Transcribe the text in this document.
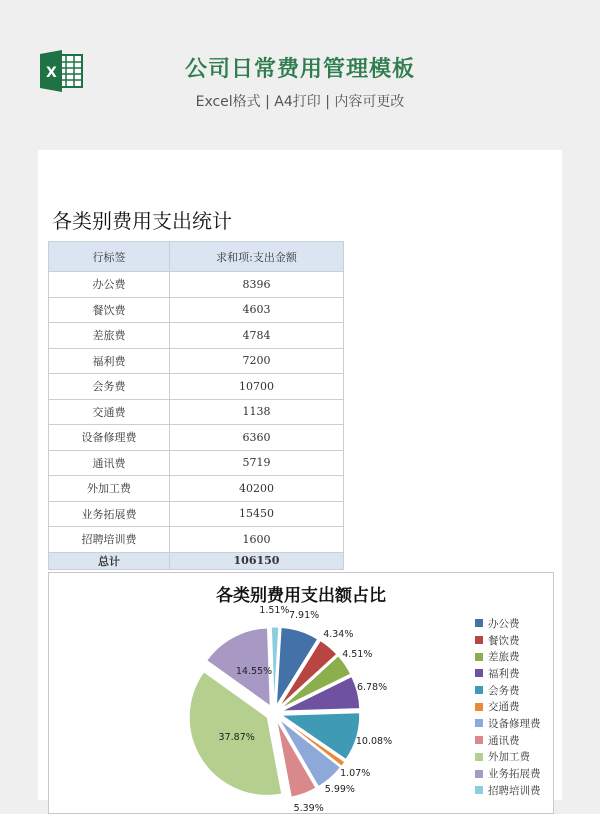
X	公司日常费用管理模板
Excel格式 | A4打印 | 内容可更改
各类别费用支出统计
行标签	求和项:支出金额
办公费	8396
餐饮费	4603
差旅费	4784
福利费	7200
会务费	10700
交通费	1138
设备修理费	6360
通讯费	5719
外加工费	40200
业务拓展费	15450
招聘培训费	1600
总计	106150
各类别费用支出额占比
7.91%
4.34%
4.51%
6.78%
10.08%
1.07%
5.99%
5.39%
37.87%
14.55%
1.51%
办公费
餐饮费
差旅费
福利费
会务费
交通费
设备修理费
通讯费
外加工费
业务拓展费
招聘培训费
